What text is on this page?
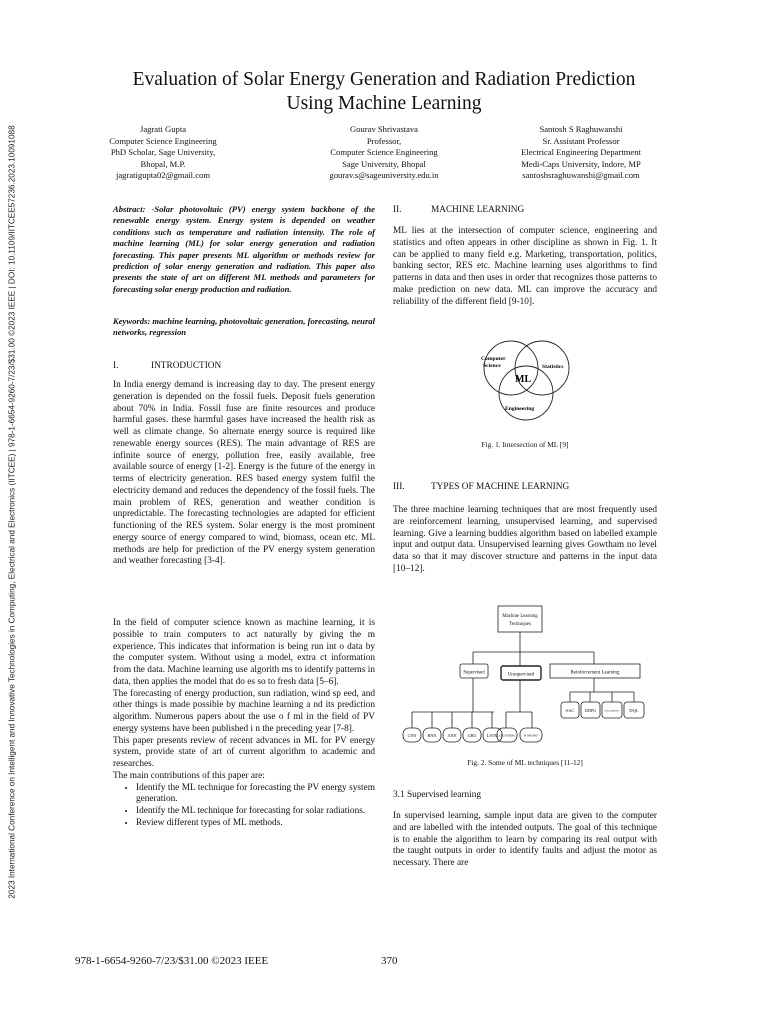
2023 International Conference on Intelligent and Innovative Technologies in Computing, Electrical and Electronics (IITCEE) | 978-1-6654-9260-7/23/$31.00 ©2023 IEEE | DOI: 10.1109/IITCEE57236.2023.10091088
Evaluation of Solar Energy Generation and Radiation Prediction
Using Machine Learning
Jagrati Gupta
Computer Science Engineering
PhD Scholar, Sage University,
Bhopal, M.P.
jagratigupta02@gmail.com
Gourav Shrivastava
Professor,
Computer Science Engineering
Sage University, Bhopal
gourav.s@sageuniversity.edu.in
Santosh S Raghuwanshi
Sr. Assistant Professor
Electrical Engineering Department
Medi-Caps University, Indore, MP
santoshsraghuwanshi@gmail.com

Abstract: -Solar photovoltaic (PV) energy system backbone of the renewable energy system. Energy system is depended on weather conditions such as temperature and radiation intensity. The role of machine learning (ML) for solar energy generation and radiation forecasting. This paper presents ML algorithm or methods review for prediction of solar energy generation and radiation. This paper also presents the state of art on different ML methods and parameters for forecasting solar energy production and radiation.

Keywords: machine learning, photovoltaic generation, forecasting, neural networks, regression

I.	INTRODUCTION

In India energy demand is increasing day to day. The present energy generation is depended on the fossil fuels. Deposit fuels generation about 70% in India. Fossil fuse are finite resources and produce harmful gases. these harmful gases have increased the health risk as well as climate change. So alternate energy source is required like renewable energy sources (RES). The main advantage of RES are infinite source of energy, pollution free, easily available, free available source of energy [1-2]. Energy is the future of the energy in terms of electricity generation. RES based energy system fulfil the electricity demand and reduces the dependency of the fossil fuels. The main problem of RES, generation and weather condition is unpredictable. The forecasting technologies are adapted for efficient functioning of the RES system. Solar energy is the most prominent energy source of energy compared to wind, biomass, ocean etc. ML methods are help for prediction of the PV energy system generation and weather forecasting [3-4].

In the field of computer science known as machine learning, it is possible to train computers to act naturally by giving the m experience. This indicates that information is being run int o data by the computer system. Without using a model, extra ct information from the data. Machine learning use algorith ms to identify patterns in data, then applies the model that do es so to fresh data [5–6].

The forecasting of energy production, sun radiation, wind sp eed, and other things is made possible by machine learning a nd its prediction algorithm. Numerous papers about the use o f ml in the field of PV energy systems have been published i n the preceding year [7-8].

This paper presents review of recent advances in ML for PV energy system, provide state of art of current algorithm to academic and researches.

The main contributions of this paper are:

• Identify the ML technique for forecasting the PV energy system generation.
• Identify the ML technique for forecasting for solar radiations.
• Review different types of ML methods.
II.	MACHINE LEARNING

ML lies at the intersection of computer science, engineering and statistics and often appears in other discipline as shown in Fig. 1. It can be applied to many field e.g. Marketing, transportation, politics, banking sector, RES etc. Machine learning uses algorithms to find patterns in data and then uses in order that recognizes those patterns to make prediction on new data. ML can improve the accuracy and reliability of the different field [9-10].

Computer
Science	Statistics
ML
Engineering
Fig. 1. Intersection of ML [9]
III.	TYPES OF MACHINE LEARNING

The three machine learning techniques that are most frequently used are reinforcement learning, unsupervised learning, and supervised learning. Give a learning buddies algorithm based on labelled example input and output data. Unsupervised learning gives Gowtham no level data so that it may discover structure and patterns in the input data [10–12].

Machine Learning
Techniques
Supervised	Unsupervised	Reinforcement Learning
CNN	RNN	ANN	GRU LSTM CLUSTERING	K-MEANS
SAC DDPG	Q-LEARNING DQL
Fig. 2. Some of ML techniques [11-12]
3.1 Supervised learning

In supervised learning, sample input data are given to the computer and are labelled with the intended outputs. The goal of this technique is to enable the algorithm to learn by comparing its real output with the taught outputs in order to identify faults and adjust the motor as necessary. There are

978-1-6654-9260-7/23/$31.00 ©2023 IEEE	370
